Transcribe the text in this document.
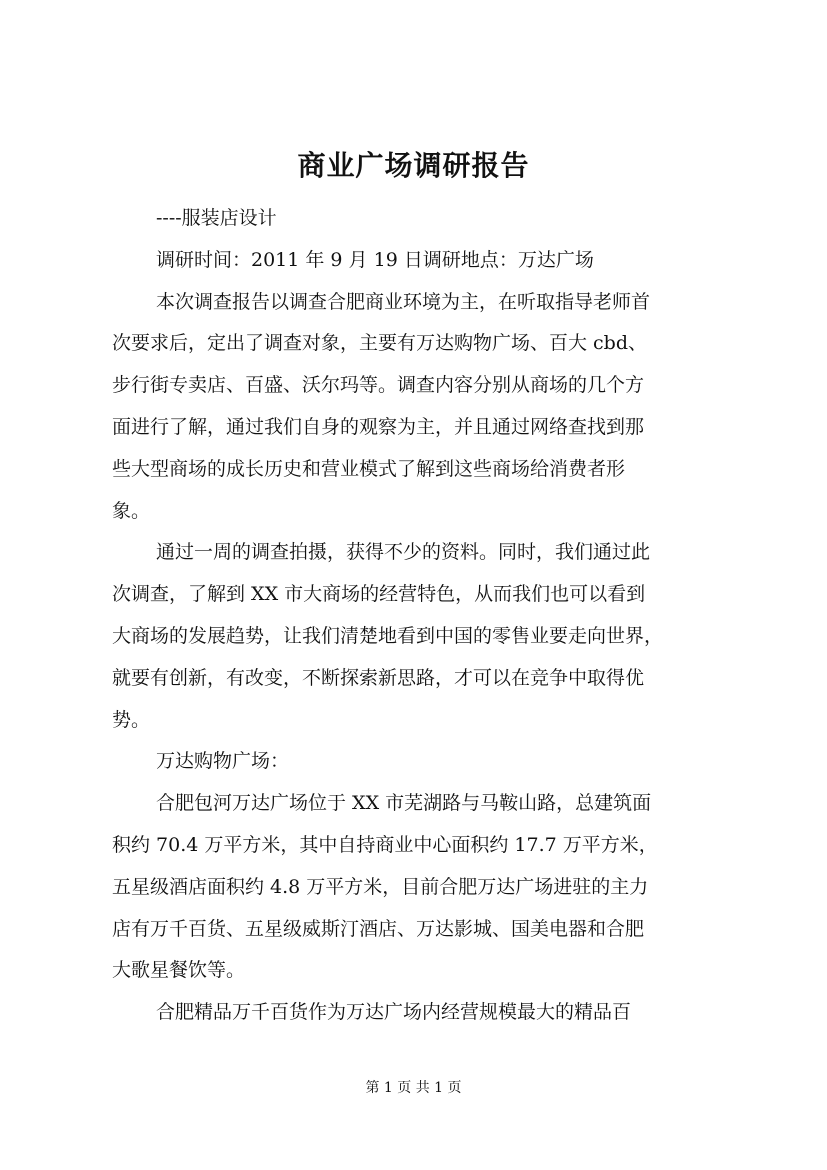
商业广场调研报告
----服装店设计
调研时间：2011 年 9 月 19 日调研地点：万达广场
本次调查报告以调查合肥商业环境为主，在听取指导老师首
次要求后，定出了调查对象，主要有万达购物广场、百大 cbd、
步行街专卖店、百盛、沃尔玛等。调查内容分别从商场的几个方
面进行了解，通过我们自身的观察为主，并且通过网络查找到那
些大型商场的成长历史和营业模式了解到这些商场给消费者形
象。
通过一周的调查拍摄，获得不少的资料。同时，我们通过此
次调查，了解到 XX 市大商场的经营特色，从而我们也可以看到
大商场的发展趋势，让我们清楚地看到中国的零售业要走向世界，
就要有创新，有改变，不断探索新思路，才可以在竞争中取得优
势。
万达购物广场：
合肥包河万达广场位于 XX 市芜湖路与马鞍山路，总建筑面
积约 70.4 万平方米，其中自持商业中心面积约 17.7 万平方米，
五星级酒店面积约 4.8 万平方米，目前合肥万达广场进驻的主力
店有万千百货、五星级威斯汀酒店、万达影城、国美电器和合肥
大歌星餐饮等。
合肥精品万千百货作为万达广场内经营规模最大的精品百
第 1 页 共 1 页
